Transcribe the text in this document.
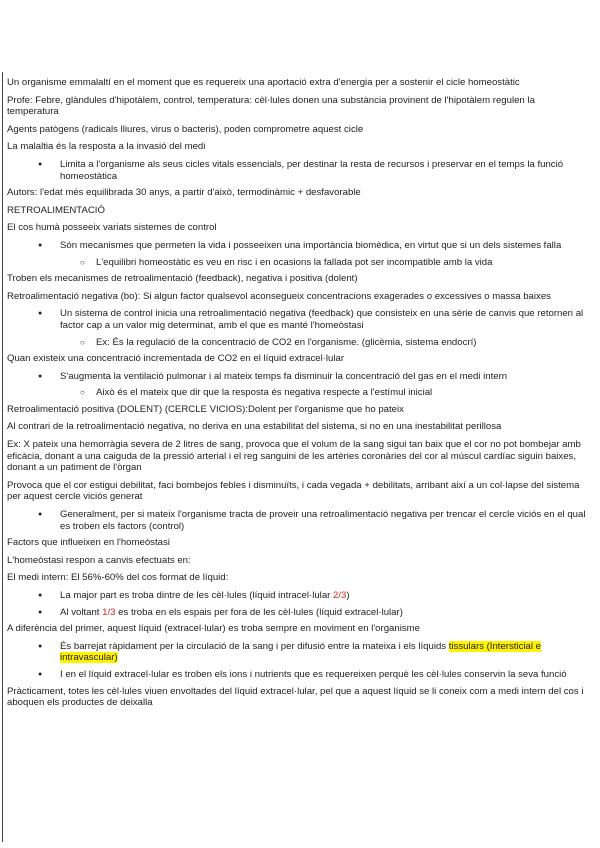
Un organisme emmalaltí en el moment que es requereix una aportació extra d'energia per a sostenir el cicle homeostàtic

Profe: Febre, glàndules d'hipotàlem, control, temperatura: cèl·lules donen una substància provinent de l'hipotàlem regulen la temperatura

Agents patògens (radicals lliures, virus o bacteris), poden comprometre aquest cicle

La malaltia és la resposta a la invasió del medi

● Limita a l'organisme als seus cicles vitals essencials, per destinar la resta de recursos i preservar en el temps la funció homeostàtica

Autors: l'edat més equilibrada 30 anys, a partir d'això, termodinàmic + desfavorable

RETROALIMENTACIÓ

El cos humà posseeix variats sistemes de control

● Són mecanismes que permeten la vida i posseeixen una importància biomèdica, en virtut que si un dels sistemes falla
○ L'equilibri homeostàtic es veu en risc i en ocasions la fallada pot ser incompatible amb la vida

Troben els mecanismes de retroalimentació (feedback), negativa i positiva (dolent)

Retroalimentació negativa (bo): Si algun factor qualsevol aconsegueix concentracions exagerades o excessives o massa baixes

● Un sistema de control inicia una retroalimentació negativa (feedback) que consisteix en una sèrie de canvis que retornen al factor cap a un valor mig determinat, amb el que es manté l'homeòstasi
○ Ex: És la regulació de la concentració de CO2 en l'organisme. (glicèmia, sistema endocrí)

Quan existeix una concentració incrementada de CO2 en el líquid extracel·lular

● S'augmenta la ventilació pulmonar i al mateix temps fa disminuir la concentració del gas en el medi intern
○ Això és el mateix que dir que la resposta és negativa respecte a l'estímul inicial

Retroalimentació positiva (DOLENT) (CERCLE VICIOS):Dolent per l'organisme que ho pateix

Al contrari de la retroalimentació negativa, no deriva en una estabilitat del sistema, si no en una inestabilitat perillosa

Ex: X pateix una hemorràgia severa de 2 litres de sang, provoca que el volum de la sang sigui tan baix que el cor no pot bombejar amb eficàcia, donant a una caiguda de la pressió arterial i el reg sanguini de les artèries coronàries del cor al múscul cardíac siguin baixes, donant a un patiment de l'òrgan

Provoca que el cor estigui debilitat, faci bombejos febles i disminuïts, i cada vegada + debilitats, arribant així a un col·lapse del sistema per aquest cercle viciós generat

● Generalment, per si mateix l'organisme tracta de proveir una retroalimentació negativa per trencar el cercle viciós en el qual es troben els factors (control)

Factors que influeixen en l'homeòstasi

L'homeòstasi respon a canvis efectuats en:

El medi intern: El 56%-60% del cos format de líquid:

● La major part es troba dintre de les cèl·lules (líquid intracel·lular 2/3)
● Al voltant 1/3 es troba en els espais per fora de les cèl·lules (líquid extracel·lular)

A diferència del primer, aquest líquid (extracel·lular) es troba sempre en moviment en l'organisme

● És barrejat ràpidament per la circulació de la sang i per difusió entre la mateixa i els líquids tissulars (Intersticial e intravascular)
● I en el líquid extracel·lular es troben els ions i nutrients que es requereixen perquè les cèl·lules conservin la seva funció

Pràcticament, totes les cèl·lules viuen envoltades del líquid extracel·lular, pel que a aquest líquid se li coneix com a medi intern del cos i aboquen els productes de deixalla
